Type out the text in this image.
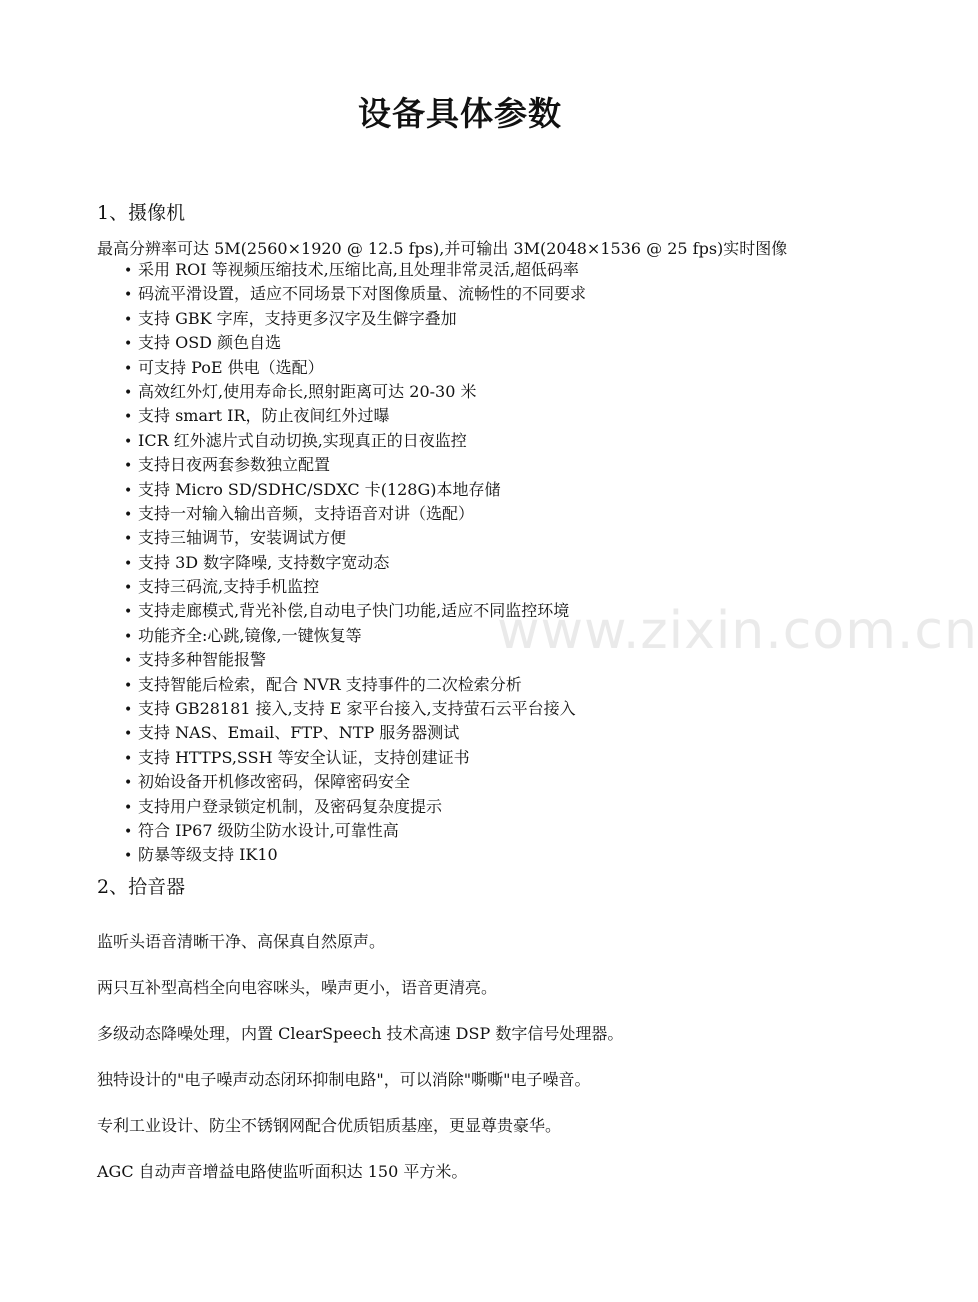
设备具体参数
1、摄像机
最高分辨率可达 5M(2560×1920 @ 12.5 fps),并可输出 3M(2048×1536 @ 25 fps)实时图像
• 采用 ROI 等视频压缩技术,压缩比高,且处理非常灵活,超低码率
• 码流平滑设置，适应不同场景下对图像质量、流畅性的不同要求
• 支持 GBK 字库，支持更多汉字及生僻字叠加
• 支持 OSD 颜色自选
• 可支持 PoE 供电（选配）
• 高效红外灯,使用寿命长,照射距离可达 20-30 米
• 支持 smart IR，防止夜间红外过曝
• ICR 红外滤片式自动切换,实现真正的日夜监控
• 支持日夜两套参数独立配置
• 支持 Micro SD/SDHC/SDXC 卡(128G)本地存储
• 支持一对输入输出音频，支持语音对讲（选配）
• 支持三轴调节，安装调试方便
• 支持 3D 数字降噪, 支持数字宽动态
• 支持三码流,支持手机监控
• 支持走廊模式,背光补偿,自动电子快门功能,适应不同监控环境
• 功能齐全:心跳,镜像,一键恢复等
• 支持多种智能报警
• 支持智能后检索，配合 NVR 支持事件的二次检索分析
• 支持 GB28181 接入,支持 E 家平台接入,支持萤石云平台接入
• 支持 NAS、Email、FTP、NTP 服务器测试
• 支持 HTTPS,SSH 等安全认证，支持创建证书
• 初始设备开机修改密码，保障密码安全
• 支持用户登录锁定机制，及密码复杂度提示
• 符合 IP67 级防尘防水设计,可靠性高
• 防暴等级支持 IK10
2、拾音器
监听头语音清晰干净、高保真自然原声。
两只互补型高档全向电容咪头，噪声更小，语音更清亮。
多级动态降噪处理，内置 ClearSpeech 技术高速 DSP 数字信号处理器。
独特设计的"电子噪声动态闭环抑制电路"，可以消除"嘶嘶"电子噪音。
专利工业设计、防尘不锈钢网配合优质铝质基座，更显尊贵豪华。
AGC 自动声音增益电路使监听面积达 150 平方米。
www.zixin.com.cn
